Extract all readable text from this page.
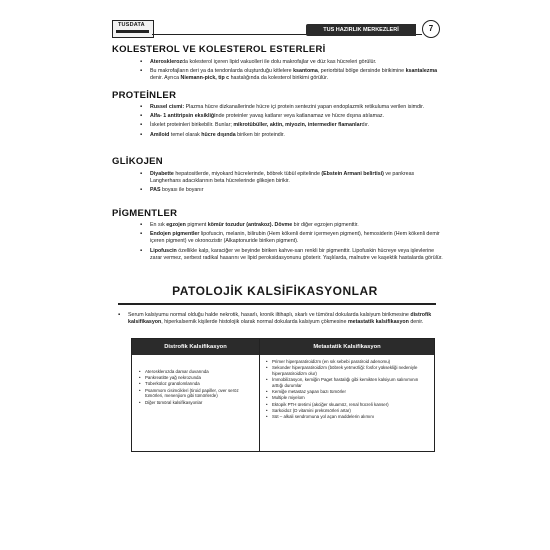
TUSDATA
TUS HAZIRLIK MERKEZLERİ	7
KOLESTEROL VE KOLESTEROL ESTERLERİ
▪ Aterosklerozda kolesterol içeren lipid vakuolleri ile dolu makrofajlar ve düz kas hücreleri görülür.
▪ Bu makrofajların deri ya da tendonlarda oluşturduğu kitlelere ksantoma, periorbital bölge dersinde birikimine ksantalezma denir. Ayrıca Niemann-pick, tip c hastalığında da kolesterol birikimi görülür.
PROTEİNLER
▪ Russel cismi: Plazma hücre dizkanallerinde hücre içi protein sentezini yapan endoplazmik retikuluma verilen isimdir.
▪ Alfa- 1 antitripsin eksikliğinde proteinler yavaş katlanır veya katlanamaz ve hücre dışına atılamaz.
▪ İskelet proteinleri birikebilir. Bunlar; mikrotübüller, aktin, miyozin, intermedier flamanlardır.
▪ Amiloid temel olarak hücre dışında biriken bir proteindir.
GLİKOJEN
▪ Diyabette hepatositlerde, miyokard hücrelerinde, böbrek tübül epitelinde (Ebstein Armani belirtisi) ve pankreas Langherhans adacıklarının beta hücrelerinde glikojen birikir.
▪ PAS boyası ile boyanır
PİGMENTLER
▪ En sık egzojen pigment kömür tozudur (antrakoz). Dövme bir diğer egzojen pigmenttir.
▪ Endojen pigmentler lipofuscin, melanin, bilirubin (Hem kökenli demir içermeyen pigment), hemosiderin (Hem kökenli demir içeren pigment) ve okronozistir (Alkaptonuride biriken pigment).
▪ Lipofuscin özellikle kalp, karaciğer ve beyinde biriken kahve-sarı renkli bir pigmenttir. Lipofuskin hücreye veya işlevlerine zarar vermez, serbest radikal hasarını ve lipid peroksidasyonunu gösterir. Yaşlılarda, malnutre ve kaşektik hastalarda görülür.
PATOLOJİK KALSİFİKASYONLAR
▪ Serum kalsiyumu normal olduğu halde nekrotik, hasarlı, kronik iltihaplı, skarlı ve tümöral dokularda kalsiyum birikmesine distrofik kalsifikasyon, hiperkalsemik kişilerde histolojik olarak normal dokularda kalsiyum çökmesine metastatik kalsifikasyon denir.
Distrofik Kalsifikasyon	Metastatik Kalsifikasyon
• Aterosklerozda damar duvarında
• Pankreatitte yağ nekrozunda
• Tüberküloz granülomlarında
• Psammom cisimcikleri (tiroid papiller, over seröz tümörleri, menenjiom gibi tümörlerde)
• Diğer tümöral kalsifikasyonlar
• Primer hiperparatiroidizm (en sık sebebi paratiroid adenomu)
• Sekonder hiperparatiroidizm (böbrek yetmezliği: fosfor yüksekliği nedeniyle hiperparatiroidizm olur)
• İmmobilizasyon, kemiğin Paget hastalığı gibi kemikten kalsiyum salınımının arttığı durumlar
• Kemiğe metastaz yapan bazı tümörler
• Multiple miyelom
• Ektopik PTH üretimi (akciğer skuamöz, renal hücreli kanser)
• Sarkoidoz (D vitamini prekürsörleri artar)
• Süt – alkali sendromuna yol açan maddelerin alımını
